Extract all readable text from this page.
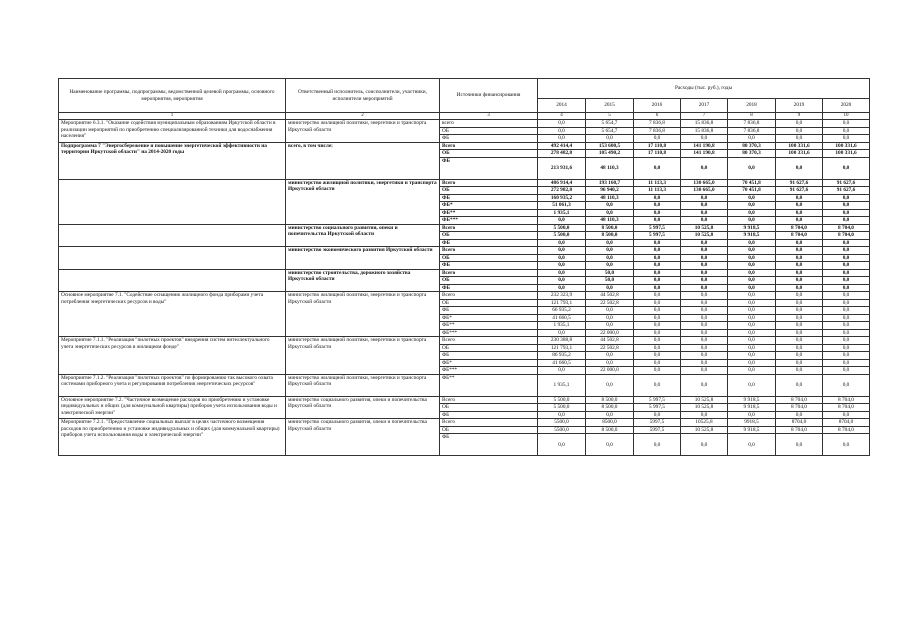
Наименование программы, подпрограммы, ведомственной целевой программы, основного мероприятия, мероприятия	Ответственный исполнитель, соисполнители, участники, исполнители мероприятий	Источники финансирования	Расходы (тыс. руб.), годы						
			2014	2015	2016	2017	2018	2019	2020
1	2	3	4	5	6	7	8	9	10
Мероприятие 6.3.1. "Оказание содействия муниципальным образованиям Иркутской области в реализации мероприятий по приобретению специализированной техники для водоснабжения населения"	министерство жилищной политики, энергетики и транспорта Иркутской области	всего	0,0	5 654,7	7 836,8	15 836,8	7 836,8	0,0	0,0
		ОБ	0,0	5 654,7	7 836,8	15 836,8	7 836,8	0,0	0,0
		ФБ	0,0	0,0	0,0	0,0	0,0	0,0	0,0
Подпрограмма 7 "Энергосбережение и повышение энергетической эффективности на территории Иркутской области" на 2014-2020 годы	всего, в том числе:	Всего	492 414,4	153 600,5	17 110,8	141 190,8	80 370,3	100 331,6	100 331,6
		ОБ	278 482,8	105 490,2	17 110,8	141 190,8	80 370,3	100 331,6	100 331,6
		ФБ	213 931,6	48 110,3	0,0	0,0	0,0	0,0	0,0
	министерство жилищной политики, энергетики и транспорта Иркутской области	Всего	486 914,4	193 160,7	11 113,3	130 665,0	70 451,8	91 627,6	91 627,6
		ОБ	272 982,8	96 940,2	11 113,3	130 665,0	70 451,8	91 627,6	91 627,6
		ФБ	160 935,2	48 110,3	0,0	0,0	0,0	0,0	0,0
		ФБ*	51 061,3	0,0	0,0	0,0	0,0	0,0	0,0
		ФБ**	1 935,1	0,0	0,0	0,0	0,0	0,0	0,0
		ФБ***	0,0	48 110,3	0,0	0,0	0,0	0,0	0,0
	министерство социального развития, опеки и попечительства Иркутской области	Всего	5 500,0	8 500,0	5 997,5	10 525,8	9 918,5	8 704,0	8 704,0
		ОБ	5 500,0	8 500,0	5 997,5	10 525,8	9 918,5	8 704,0	8 704,0
		ФБ	0,0	0,0	0,0	0,0	0,0	0,0	0,0
	министерство экономического развития Иркутской области	Всего	0,0	0,0	0,0	0,0	0,0	0,0	0,0
		ОБ	0,0	0,0	0,0	0,0	0,0	0,0	0,0
		ФБ	0,0	0,0	0,0	0,0	0,0	0,0	0,0
	министерство строительства, дорожного хозяйства Иркутской области	Всего	0,0	50,0	0,0	0,0	0,0	0,0	0,0
		ОБ	0,0	50,0	0,0	0,0	0,0	0,0	0,0
		ФБ	0,0	0,0	0,0	0,0	0,0	0,0	0,0
Основное мероприятие 7.1. "Содействие оснащению жилищного фонда приборами учета потребления энергетических ресурсов и воды"	министерство жилищной политики, энергетики и транспорта Иркутской области	Всего	232 323,9	44 502,8	0,0	0,0	0,0	0,0	0,0
		ОБ	121 793,1	22 502,8	0,0	0,0	0,0	0,0	0,0
		ФБ	66 935,2	0,0	0,0	0,0	0,0	0,0	0,0
		ФБ*	41 660,5	0,0	0,0	0,0	0,0	0,0	0,0
		ФБ**	1 935,1	0,0	0,0	0,0	0,0	0,0	0,0
		ФБ***	0,0	22 000,0	0,0	0,0	0,0	0,0	0,0
Мероприятие 7.1.1. "Реализация "пилотных проектов" внедрения систем интеллектуального учета энергетических ресурсов в жилищном фонде"	министерство жилищной политики, энергетики и транспорта Иркутской области	Всего	230 388,8	44 502,8	0,0	0,0	0,0	0,0	0,0
		ОБ	121 793,1	22 502,8	0,0	0,0	0,0	0,0	0,0
		ФБ	86 935,2	0,0	0,0	0,0	0,0	0,0	0,0
		ФБ*	41 660,5	0,0	0,0	0,0	0,0	0,0	0,0
		ФБ***	0,0	22 000,0	0,0	0,0	0,0	0,0	0,0
Мероприятие 7.1.2. "Реализация "пилотных проектов" по формированию так высокого охвата системами приборного учета и регулирования потребления энергетических ресурсов"	министерство жилищной политики, энергетики и транспорта Иркутской области	ФБ**	1 935,1	0,0	0,0	0,0	0,0	0,0	0,0
Основное мероприятие 7.2. "Частичное возмещение расходов по приобретению и установке индивидуальных и общих (для коммунальной квартиры) приборов учета использования воды и электрической энергии"	министерство социального развития, опеки и попечительства Иркутской области	Всего	5 500,0	8 500,0	5 997,5	10 525,8	9 918,5	8 704,0	8 704,0
		ОБ	5 500,0	8 500,0	5 997,5	10 525,8	9 918,5	8 704,0	8 704,0
		ФБ	0,0	0,0	0,0	0,0	0,0	0,0	0,0
Мероприятие 7.2.1. "Предоставление социальных выплат в целях частичного возмещения расходов по приобретению и установке индивидуальных и общих (для коммунальной квартиры) приборов учета использования воды и электрической энергии"	министерство социального развития, опеки и попечительства Иркутской области	Всего	5500,0	8500,0	5997,5	10525,8	9918,5	8704,0	8704,0
		ОБ	5500,0	8 500,0	5997,5	10 525,8	9 918,5	8 704,0	8 704,0
		ФБ	0,0	0,0	0,0	0,0	0,0	0,0	0,0
